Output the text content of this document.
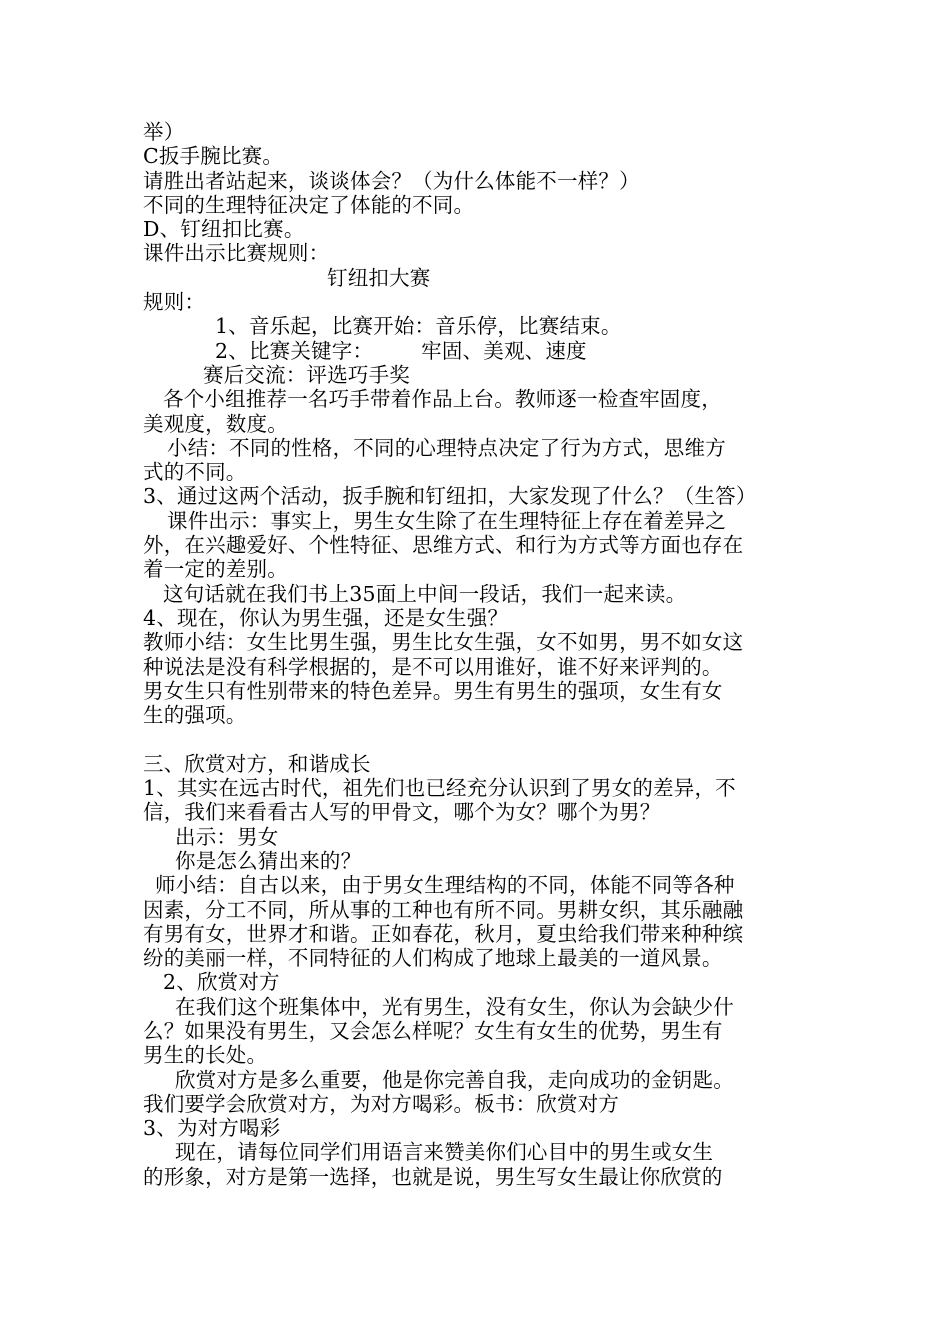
举）
C扳手腕比赛。
请胜出者站起来，谈谈体会？（为什么体能不一样？）
不同的生理特征决定了体能的不同。
D、钉纽扣比赛。
课件出示比赛规则：
钉纽扣大赛
规则：
1、音乐起，比赛开始：音乐停，比赛结束。
2、比赛关键字： 牢固、美观、速度
赛后交流：评选巧手奖
各个小组推荐一名巧手带着作品上台。教师逐一检查牢固度，
美观度，数度。
小结：不同的性格，不同的心理特点决定了行为方式，思维方
式的不同。
3、通过这两个活动，扳手腕和钉纽扣，大家发现了什么？（生答）
课件出示：事实上，男生女生除了在生理特征上存在着差异之
外，在兴趣爱好、个性特征、思维方式、和行为方式等方面也存在
着一定的差别。
这句话就在我们书上35面上中间一段话，我们一起来读。
4、现在，你认为男生强，还是女生强？
教师小结：女生比男生强，男生比女生强，女不如男，男不如女这
种说法是没有科学根据的，是不可以用谁好，谁不好来评判的。
男女生只有性别带来的特色差异。男生有男生的强项，女生有女
生的强项。
三、欣赏对方，和谐成长
1、其实在远古时代，祖先们也已经充分认识到了男女的差异，不
信，我们来看看古人写的甲骨文，哪个为女？哪个为男？
出示：男女
你是怎么猜出来的？
师小结：自古以来，由于男女生理结构的不同，体能不同等各种
因素，分工不同，所从事的工种也有所不同。男耕女织，其乐融融
有男有女，世界才和谐。正如春花，秋月，夏虫给我们带来种种缤
纷的美丽一样，不同特征的人们构成了地球上最美的一道风景。
2、欣赏对方
在我们这个班集体中，光有男生，没有女生，你认为会缺少什
么？如果没有男生，又会怎么样呢？女生有女生的优势，男生有
男生的长处。
欣赏对方是多么重要，他是你完善自我，走向成功的金钥匙。
我们要学会欣赏对方，为对方喝彩。板书：欣赏对方
3、为对方喝彩
现在，请每位同学们用语言来赞美你们心目中的男生或女生
的形象，对方是第一选择，也就是说，男生写女生最让你欣赏的
